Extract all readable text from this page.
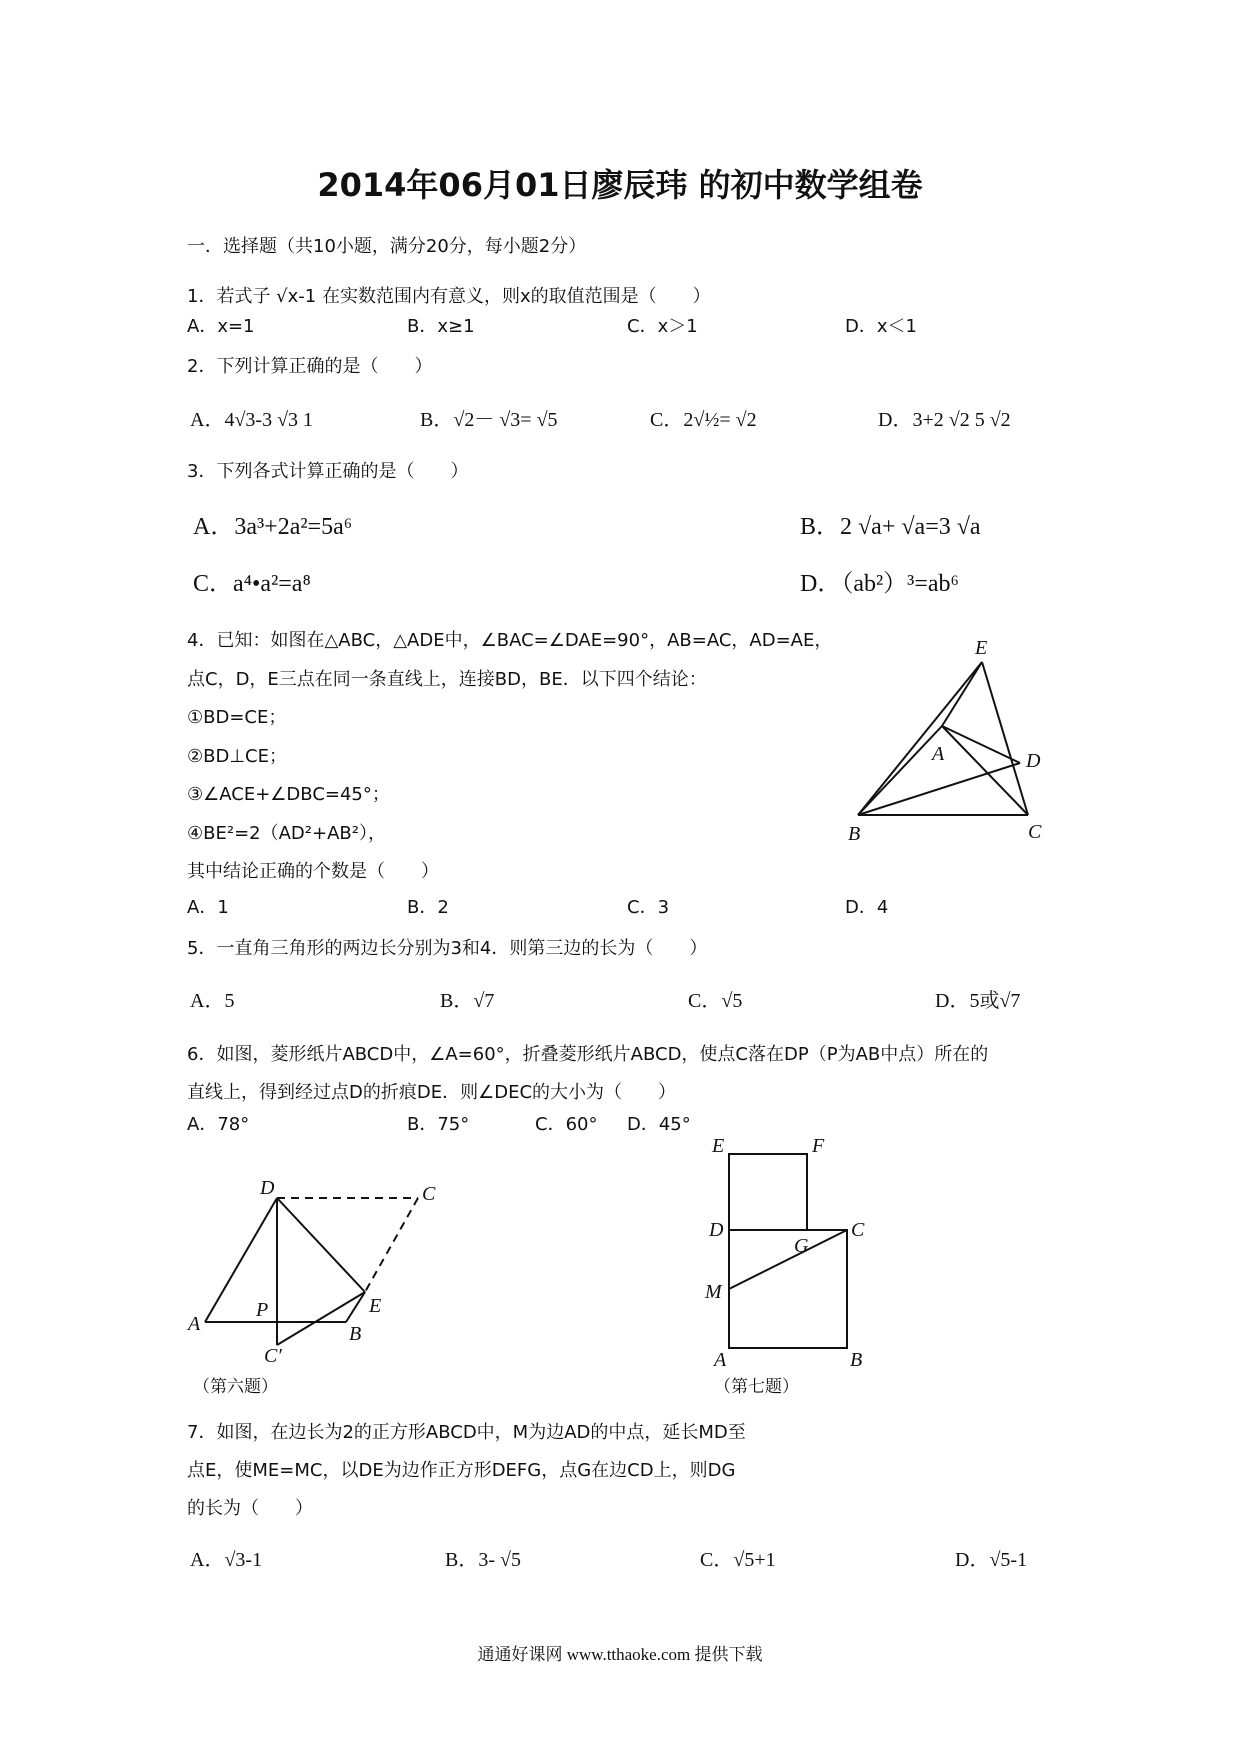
2014年06月01日廖辰玮 的初中数学组卷
一．选择题（共10小题，满分20分，每小题2分）
1．若式子 √x-1 在实数范围内有意义，则x的取值范围是（　　）
A．x=1	B．x≥1	C．x＞1	D．x＜1
2．下列计算正确的是（　　）
A．4√3-3 √3 1	B．√2－ √3= √5	C．2√½= √2	D．3+2 √2 5 √2
3．下列各式计算正确的是（　　）
A．3a³+2a²=5a⁶	B．2 √a+ √a=3 √a
C．a⁴•a²=a⁸	D．（ab²）³=ab⁶
4．已知：如图在△ABC，△ADE中，∠BAC=∠DAE=90°，AB=AC，AD=AE，
点C，D，E三点在同一条直线上，连接BD，BE．以下四个结论：
①BD=CE；
②BD⊥CE；
③∠ACE+∠DBC=45°；
④BE²=2（AD²+AB²），
其中结论正确的个数是（　　）
A．1	B．2	C．3	D．4
E
A	D
B	C
5．一直角三角形的两边长分别为3和4．则第三边的长为（　　）
A．5	B．√7	C．√5	D．5或√7
6．如图，菱形纸片ABCD中，∠A=60°，折叠菱形纸片ABCD，使点C落在DP（P为AB中点）所在的
直线上，得到经过点D的折痕DE．则∠DEC的大小为（　　）
A．78°	B．75°	C．60° D．45°
D	C
A
P	E
B
C′
（第六题）
E	F
D
G
C
M
A	B
（第七题）
7．如图，在边长为2的正方形ABCD中，M为边AD的中点，延长MD至
点E，使ME=MC，以DE为边作正方形DEFG，点G在边CD上，则DG
的长为（　　）
A．√3-1	B．3- √5	C．√5+1	D．√5-1
通通好课网 www.tthaoke.com 提供下载
